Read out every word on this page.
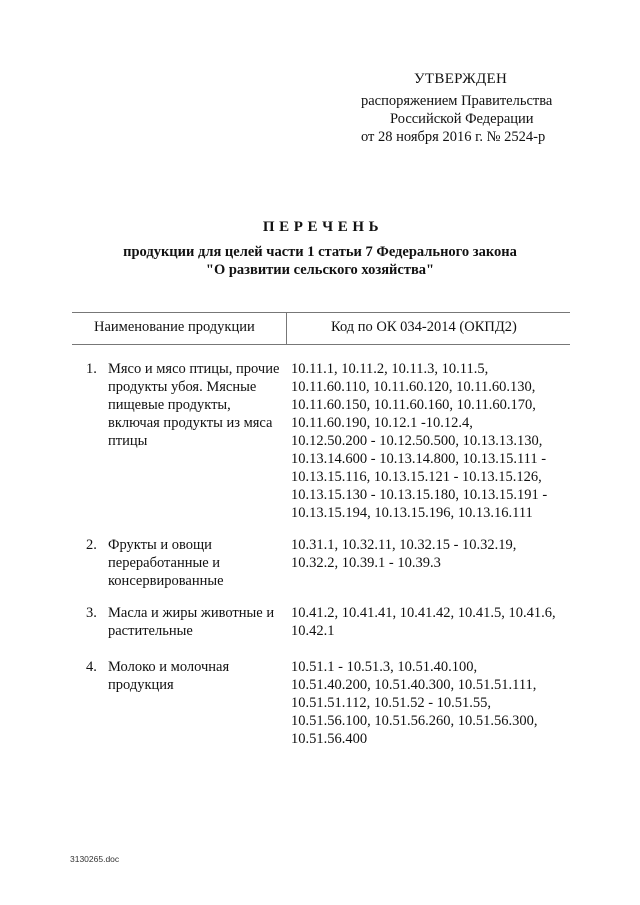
УТВЕРЖДЕН
распоряжением Правительства
Российской Федерации
от 28 ноября 2016 г. № 2524-р
ПЕРЕЧЕНЬ
продукции для целей части 1 статьи 7 Федерального закона
"О развитии сельского хозяйства"
Наименование продукции	Код по ОК 034-2014 (ОКПД2)
1. Мясо и мясо птицы, прочие
продукты убоя. Мясные
пищевые продукты,
включая продукты из мяса
птицы
10.11.1, 10.11.2, 10.11.3, 10.11.5,
10.11.60.110, 10.11.60.120, 10.11.60.130,
10.11.60.150, 10.11.60.160, 10.11.60.170,
10.11.60.190, 10.12.1 -10.12.4,
10.12.50.200 - 10.12.50.500, 10.13.13.130,
10.13.14.600 - 10.13.14.800, 10.13.15.111 -
10.13.15.116, 10.13.15.121 - 10.13.15.126,
10.13.15.130 - 10.13.15.180, 10.13.15.191 -
10.13.15.194, 10.13.15.196, 10.13.16.111
2. Фрукты и овощи
переработанные и
консервированные
10.31.1, 10.32.11, 10.32.15 - 10.32.19,
10.32.2, 10.39.1 - 10.39.3
3. Масла и жиры животные и
растительные
10.41.2, 10.41.41, 10.41.42, 10.41.5, 10.41.6,
10.42.1
4. Молоко и молочная
продукция
10.51.1 - 10.51.3, 10.51.40.100,
10.51.40.200, 10.51.40.300, 10.51.51.111,
10.51.51.112, 10.51.52 - 10.51.55,
10.51.56.100, 10.51.56.260, 10.51.56.300,
10.51.56.400
3130265.doc
